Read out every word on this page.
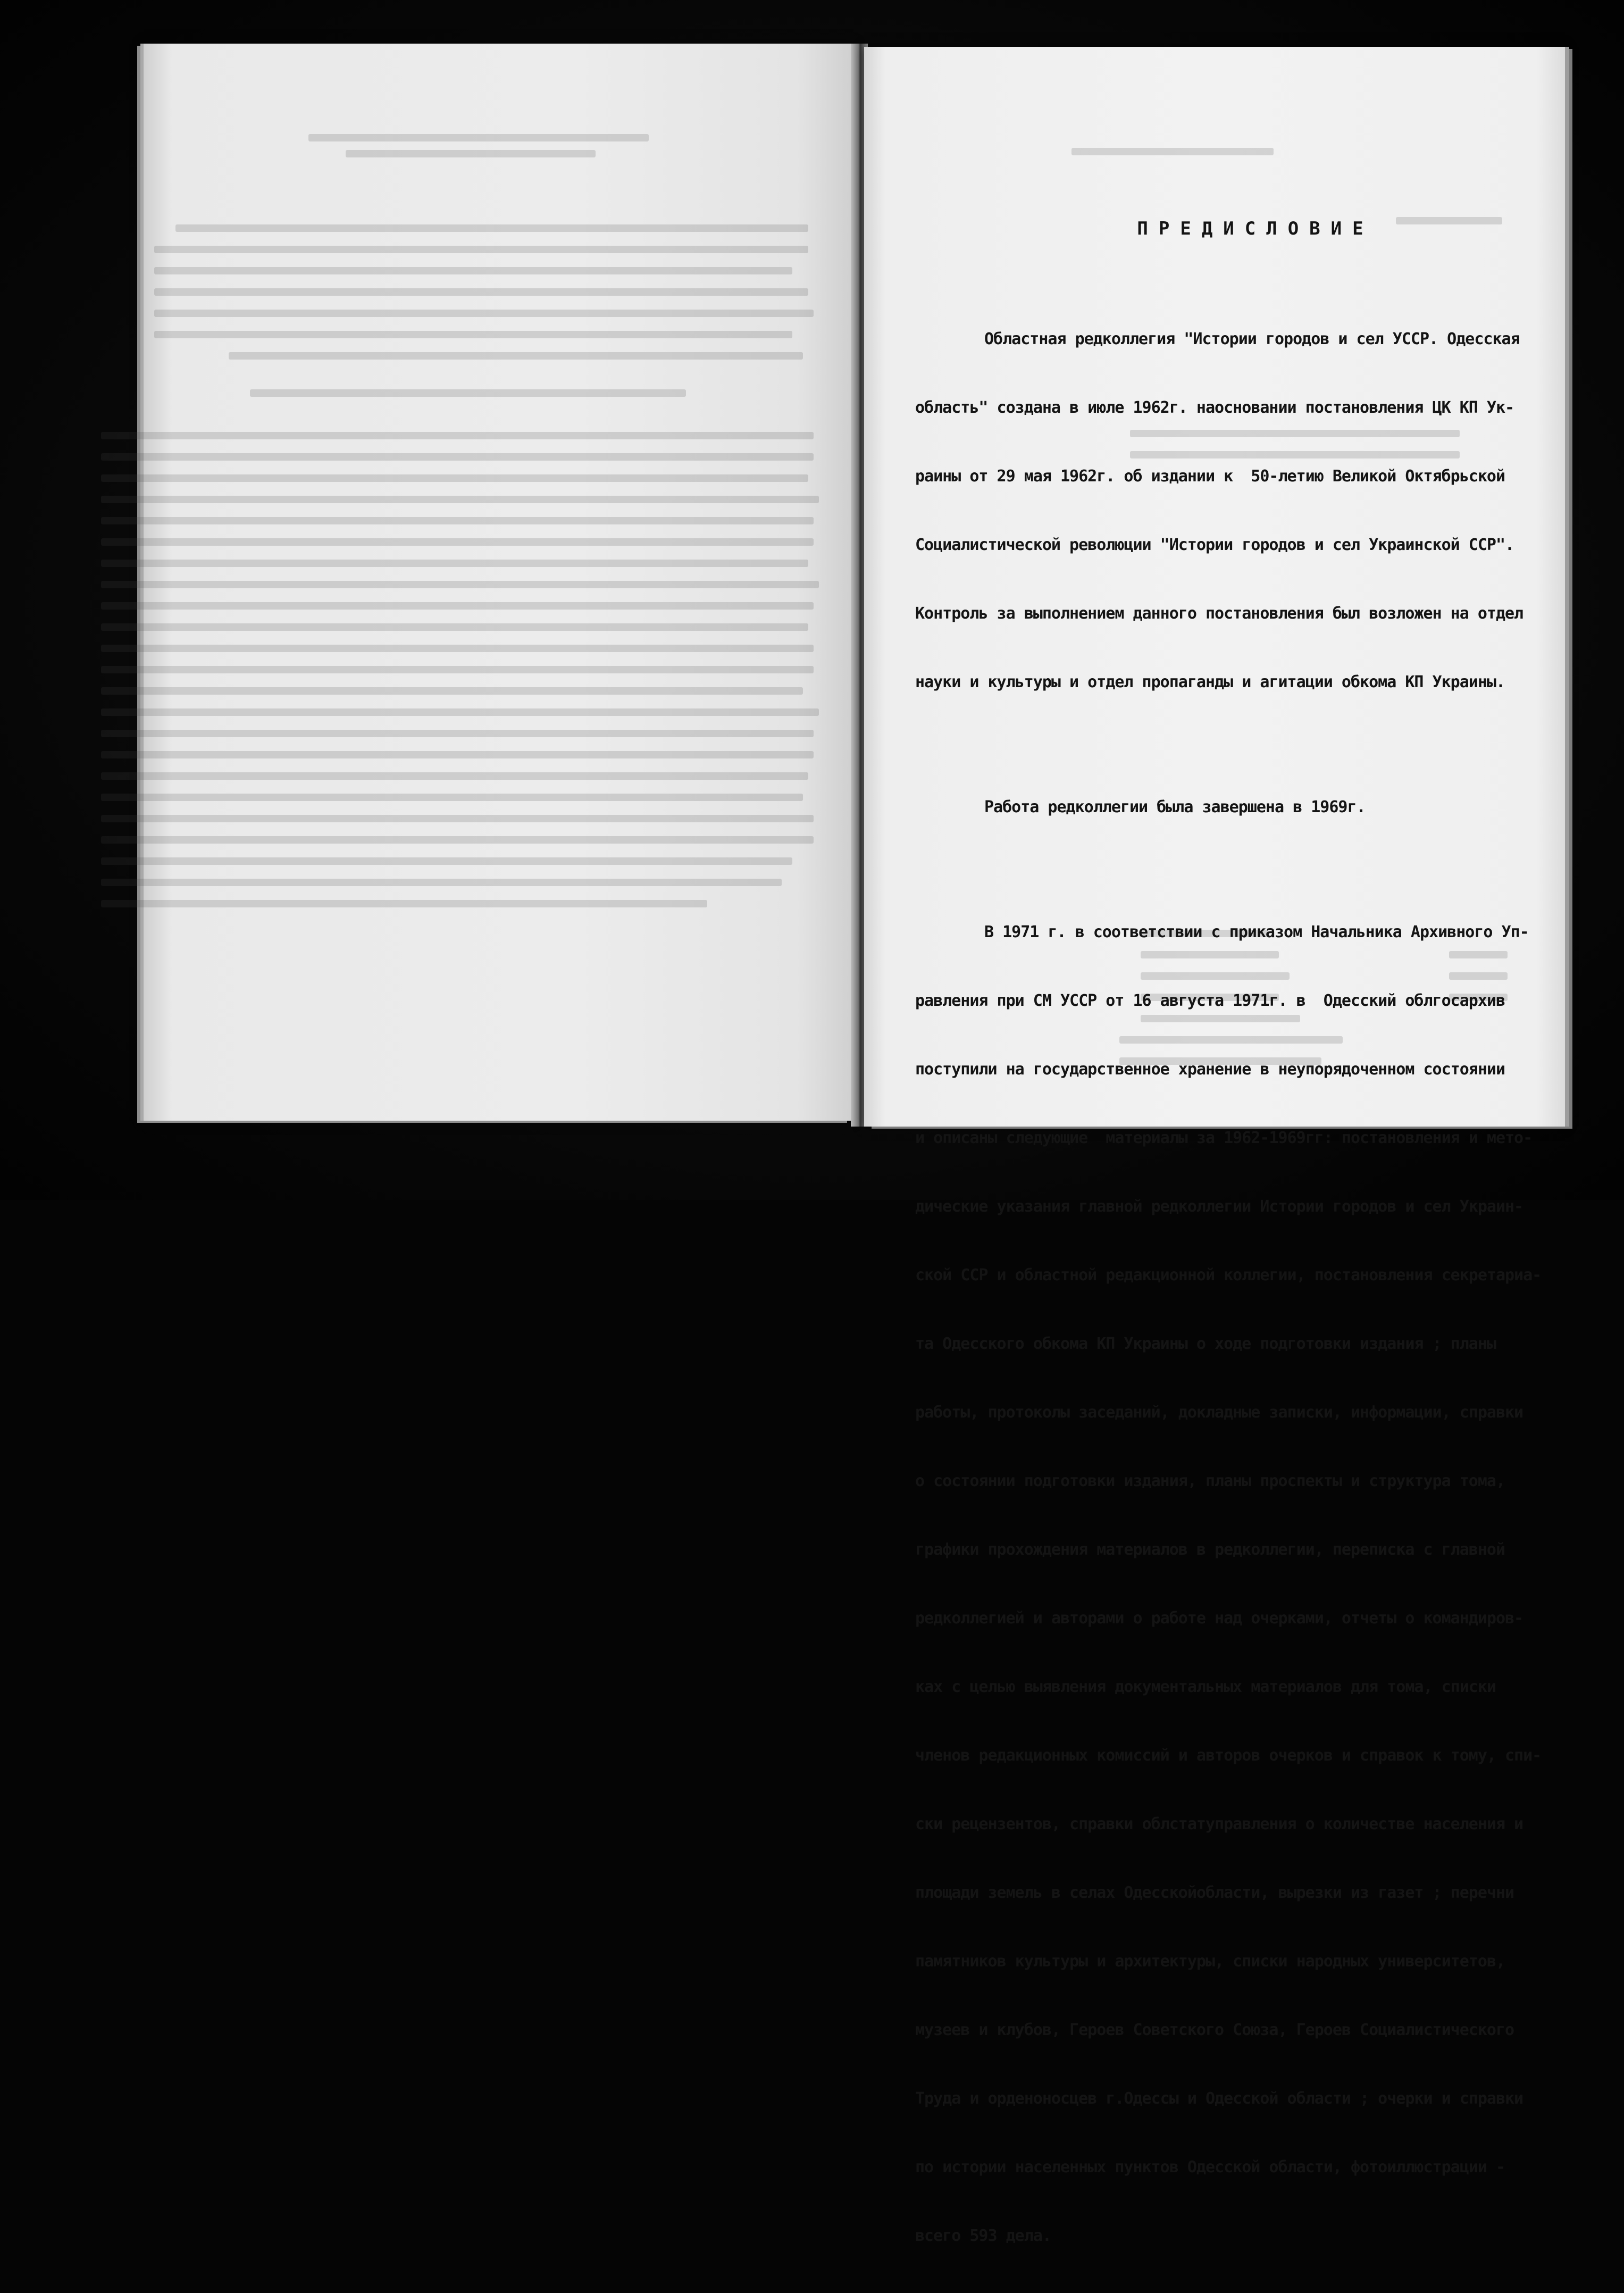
ПРЕДИСЛОВИЕ

Областная редколлегия "Истории городов и сел УССР. Одесская

область" создана в июле 1962г. наосновании постановления ЦК КП Ук-

раины от 29 мая 1962г. об издании к  50-летию Великой Октябрьской

Социалистической революции "Истории городов и сел Украинской ССР".

Контроль за выполнением данного постановления был возложен на отдел

науки и культуры и отдел пропаганды и агитации обкома КП Украины.

Работа редколлегии была завершена в 1969г.

В 1971 г. в соответствии с приказом Начальника Архивного Уп-

равления при СМ УССР от 16 августа 1971г. в  Одесский облгосархив

поступили на государственное хранение в неупорядоченном состоянии

и описаны следующие  материалы за 1962-1969гг: постановления и мето-

дические указания главной редколлегии Истории городов и сел Украин-

ской ССР и областной редакционной коллегии, постановления секретариа-

та Одесского обкома КП Украины о ходе подготовки издания ; планы

работы, протоколы заседаний, докладные записки, информации, справки

о состоянии подготовки издания, планы проспекты и структура тома,

графики прохождения материалов в редколлегии, переписка с главной

редколлегией и авторами о работе над очерками, отчеты о командиров-

ках с целью выявления документальных материалов для тома, списки

членов редакционных комиссий и авторов очерков и справок к тому, спи-

ски рецензентов, справки облстатуправления о количестве населения и

площади земель в селах Одесскойобласти, вырезки из газет ; перечни

памятников культуры и архитектуры, списки народных университетов,

музеев и клубов, Героев Советского Союза, Героев Социалистического

Труда и орденоносцев г.Одессы и Одесской области ; очерки и справки

по истории населенных пунктов Одесской области, фотоиллюстрации -

всего 593 дела.
